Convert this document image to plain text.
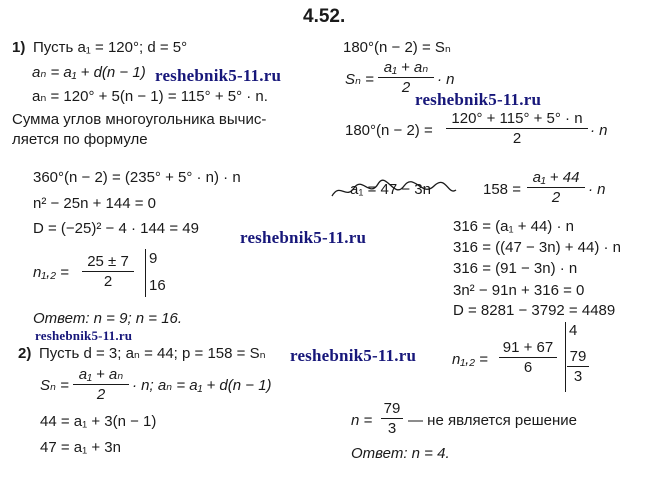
4.52.
1) Пусть a₁ = 120°; d = 5°
aₙ = a₁ + d(n − 1)
aₙ = 120° + 5(n − 1) = 115° + 5° · n.
Сумма углов многоугольника вычис-
ляется по формуле
360°(n − 2) = (235° + 5° · n) · n
n² − 25n + 144 = 0
D = (−25)² − 4 · 144 = 49
$n_1,_2 = \frac{25 \pm 7}{2} 9$
16
Ответ: n = 9; n = 16.
2) Пусть d = 3; aₙ = 44; p = 158 = Sₙ
$S_n = \frac{\text{a₁ + aₙ}}{2} \cdot n$; aₙ = a₁ + d(n − 1)
44 = a₁ + 3(n − 1)
47 = a₁ + 3n
180°(n − 2) = Sₙ
$S_n = \frac{\text{a₁ + aₙ}}{2} \cdot n$
$180^\circ(n - 2) = \frac{120^\circ + 115^\circ + 5^\circ \cdot n}{2} \cdot n$
a₁ = 47 − 3n	$158 = \frac{\text{a₁ + 44}}{2} \cdot n$
316 = (a₁ + 44) · n
316 = ((47 − 3n) + 44) · n
316 = (91 − 3n) · n
3n² − 91n + 316 = 0
D = 8281 − 3792 = 4489
$n_1,_2 = \frac{91 + 67}{6}$
4
$\frac{79}{3}$
$n = \frac{79}{3}$ — не является решение
Ответ: n = 4.
reshebnik5-11.ru
reshebnik5-11.ru
reshebnik5-11.ru
reshebnik5-11.ru
reshebnik5-11.ru
